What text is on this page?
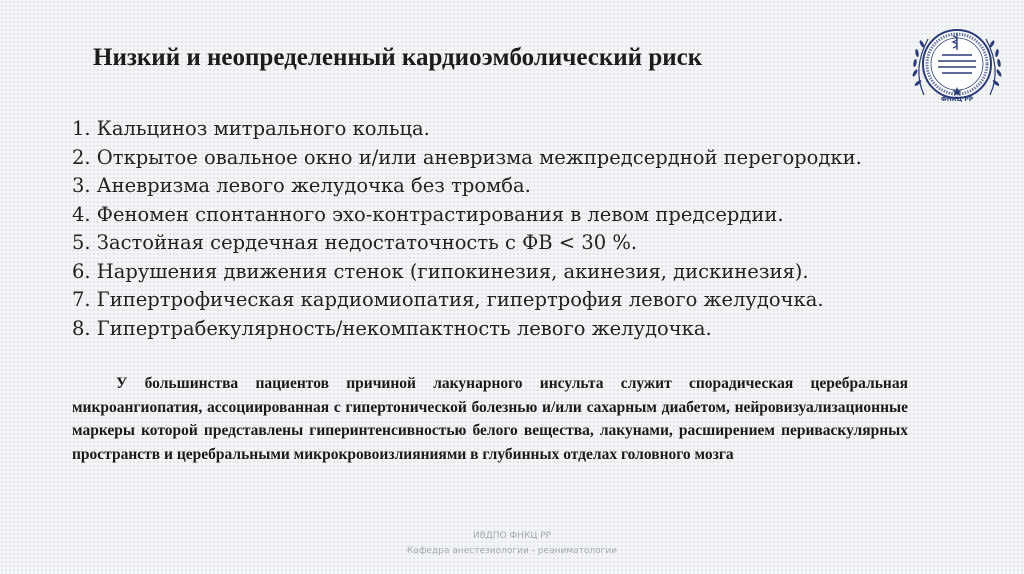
Низкий и неопределенный кардиоэмболический риск
ФНКЦ РР
1. Кальциноз митрального кольца.
2. Открытое овальное окно и/или аневризма межпредсердной перегородки.
3. Аневризма левого желудочка без тромба.
4. Феномен спонтанного эхо-контрастирования в левом предсердии.
5. Застойная сердечная недостаточность с ФВ < 30 %.
6. Нарушения движения стенок (гипокинезия, акинезия, дискинезия).
7. Гипертрофическая кардиомиопатия, гипертрофия левого желудочка.
8. Гипертрабекулярность/некомпактность левого желудочка.
У большинства пациентов причиной лакунарного инсульта служит спорадическая церебральная микроангиопатия, ассоциированная с гипертонической болезнью и/или сахарным диабетом, нейровизуализационные маркеры которой представлены гиперинтенсивностью белого вещества, лакунами, расширением периваскулярных пространств и церебральными микрокровоизлияниями в глубинных отделах головного мозга
ИВДПО ФНКЦ РР
Кафедра анестезиологии - реаниматологии
